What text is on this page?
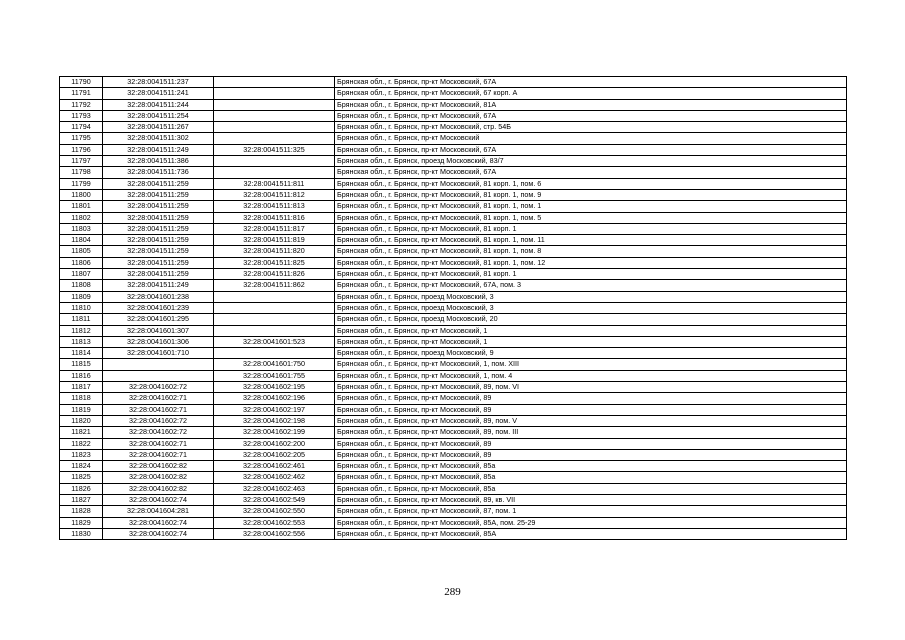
11790	32:28:0041511:237		Брянская обл., г. Брянск, пр-кт Московский, 67А
11791	32:28:0041511:241		Брянская обл., г. Брянск, пр-кт Московский, 67 корп. А
11792	32:28:0041511:244		Брянская обл., г. Брянск, пр-кт Московский, 81А
11793	32:28:0041511:254		Брянская обл., г. Брянск, пр-кт Московский, 67А
11794	32:28:0041511:267		Брянская обл., г. Брянск, пр-кт Московский, стр. 54Б
11795	32:28:0041511:302		Брянская обл., г. Брянск, пр-кт Московский
11796	32:28:0041511:249	32:28:0041511:325	Брянская обл., г. Брянск, пр-кт Московский, 67А
11797	32:28:0041511:386		Брянская обл., г. Брянск, проезд Московский, 83/7
11798	32:28:0041511:736		Брянская обл., г. Брянск, пр-кт Московский, 67А
11799	32:28:0041511:259	32:28:0041511:811	Брянская обл., г. Брянск, пр-кт Московский, 81 корп. 1, пом. 6
11800	32:28:0041511:259	32:28:0041511:812	Брянская обл., г. Брянск, пр-кт Московский, 81 корп. 1, пом. 9
11801	32:28:0041511:259	32:28:0041511:813	Брянская обл., г. Брянск, пр-кт Московский, 81 корп. 1, пом. 1
11802	32:28:0041511:259	32:28:0041511:816	Брянская обл., г. Брянск, пр-кт Московский, 81 корп. 1, пом. 5
11803	32:28:0041511:259	32:28:0041511:817	Брянская обл., г. Брянск, пр-кт Московский, 81 корп. 1
11804	32:28:0041511:259	32:28:0041511:819	Брянская обл., г. Брянск, пр-кт Московский, 81 корп. 1, пом. 11
11805	32:28:0041511:259	32:28:0041511:820	Брянская обл., г. Брянск, пр-кт Московский, 81 корп. 1, пом. 8
11806	32:28:0041511:259	32:28:0041511:825	Брянская обл., г. Брянск, пр-кт Московский, 81 корп. 1, пом. 12
11807	32:28:0041511:259	32:28:0041511:826	Брянская обл., г. Брянск, пр-кт Московский, 81 корп. 1
11808	32:28:0041511:249	32:28:0041511:862	Брянская обл., г. Брянск, пр-кт Московский, 67А, пом. 3
11809	32:28:0041601:238		Брянская обл., г. Брянск, проезд Московский, 3
11810	32:28:0041601:239		Брянская обл., г. Брянск, проезд Московский, 3
11811	32:28:0041601:295		Брянская обл., г. Брянск, проезд Московский, 20
11812	32:28:0041601:307		Брянская обл., г. Брянск, пр-кт Московский, 1
11813	32:28:0041601:306	32:28:0041601:523	Брянская обл., г. Брянск, пр-кт Московский, 1
11814	32:28:0041601:710		Брянская обл., г. Брянск, проезд Московский, 9
11815		32:28:0041601:750	Брянская обл., г. Брянск, пр-кт Московский, 1, пом. XIII
11816		32:28:0041601:755	Брянская обл., г. Брянск, пр-кт Московский, 1, пом. 4
11817	32:28:0041602:72	32:28:0041602:195	Брянская обл., г. Брянск, пр-кт Московский, 89, пом. VI
11818	32:28:0041602:71	32:28:0041602:196	Брянская обл., г. Брянск, пр-кт Московский, 89
11819	32:28:0041602:71	32:28:0041602:197	Брянская обл., г. Брянск, пр-кт Московский, 89
11820	32:28:0041602:72	32:28:0041602:198	Брянская обл., г. Брянск, пр-кт Московский, 89, пом. V
11821	32:28:0041602:72	32:28:0041602:199	Брянская обл., г. Брянск, пр-кт Московский, 89, пом. III
11822	32:28:0041602:71	32:28:0041602:200	Брянская обл., г. Брянск, пр-кт Московский, 89
11823	32:28:0041602:71	32:28:0041602:205	Брянская обл., г. Брянск, пр-кт Московский, 89
11824	32:28:0041602:82	32:28:0041602:461	Брянская обл., г. Брянск, пр-кт Московский, 85а
11825	32:28:0041602:82	32:28:0041602:462	Брянская обл., г. Брянск, пр-кт Московский, 85а
11826	32:28:0041602:82	32:28:0041602:463	Брянская обл., г. Брянск, пр-кт Московский, 85а
11827	32:28:0041602:74	32:28:0041602:549	Брянская обл., г. Брянск, пр-кт Московский, 89, кв. VII
11828	32:28:0041604:281	32:28:0041602:550	Брянская обл., г. Брянск, пр-кт Московский, 87, пом. 1
11829	32:28:0041602:74	32:28:0041602:553	Брянская обл., г. Брянск, пр-кт Московский, 85А, пом. 25-29
11830	32:28:0041602:74	32:28:0041602:556	Брянская обл., г. Брянск, пр-кт Московский, 85А
289
